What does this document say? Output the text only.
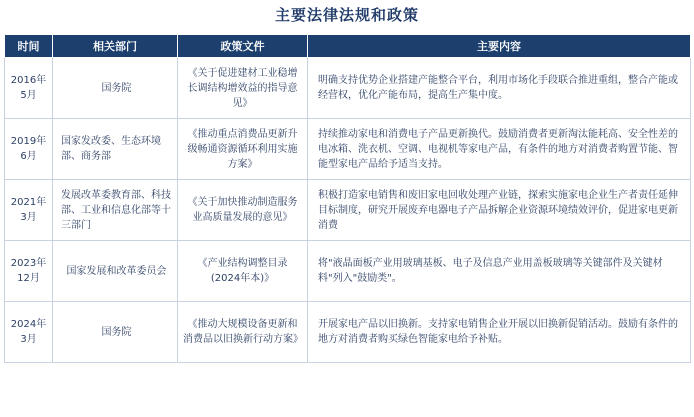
主要法律法规和政策
时间	相关部门	政策文件	主要内容
2016年5月	国务院	《关于促进建材工业稳增长调结构增效益的指导意见》	明确支持优势企业搭建产能整合平台，利用市场化手段联合推进重组，整合产能或经营权，优化产能布局，提高生产集中度。
2019年6月	国家发改委、生态环境部、商务部	《推动重点消费品更新升级畅通资源循环利用实施方案》	持续推动家电和消费电子产品更新换代。鼓励消费者更新淘汰能耗高、安全性差的电冰箱、洗衣机、空调、电视机等家电产品，有条件的地方对消费者购置节能、智能型家电产品给予适当支持。
2021年3月	发展改革委教育部、科技部、工业和信息化部等十三部门	《关于加快推动制造服务业高质量发展的意见》	积极打造家电销售和废旧家电回收处理产业链，探索实施家电企业生产者责任延伸目标制度，研究开展废弃电器电子产品拆解企业资源环境绩效评价，促进家电更新消费
2023年12月	国家发展和改革委员会	《产业结构调整目录(2024年本)》	将"液晶面板产业用玻璃基板、电子及信息产业用盖板玻璃等关键部件及关键材料"列入"鼓励类"。
2024年3月	国务院	《推动大规模设备更新和消费品以旧换新行动方案》	开展家电产品以旧换新。支持家电销售企业开展以旧换新促销活动。鼓励有条件的地方对消费者购买绿色智能家电给予补贴。
